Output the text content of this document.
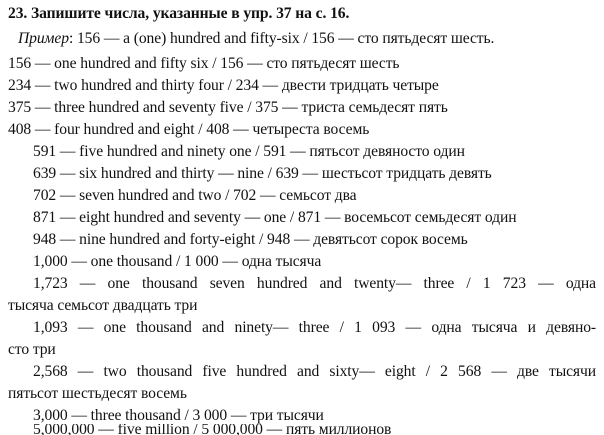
23. Запишите числа, указанные в упр. 37 на с. 16.
Пример: 156 — a (one) hundred and fifty-six / 156 — сто пятьдесят шесть.
156 — one hundred and fifty six / 156 — сто пятьдесят шесть
234 — two hundred and thirty four / 234 — двести тридцать четыре
375 — three hundred and seventy five / 375 — триста семьдесят пять
408 — four hundred and eight / 408 — четыреста восемь
591 — five hundred and ninety one / 591 — пятьсот девяносто один
639 — six hundred and thirty — nine / 639 — шестьсот тридцать девять
702 — seven hundred and two / 702 — семьсот два
871 — eight hundred and seventy — one / 871 — восемьсот семьдесят один
948 — nine hundred and forty-eight / 948 — девятьсот сорок восемь
1,000 — one thousand / 1 000 — одна тысяча
1,723 — one thousand seven hundred and twenty— three / 1 723 — одна
тысяча семьсот двадцать три
1,093 — one thousand and ninety— three / 1 093 — одна тысяча и девяно-
сто три
2,568 — two thousand five hundred and sixty— eight / 2 568 — две тысячи
пятьсот шестьдесят восемь
3,000 — three thousand / 3 000 — три тысячи
5,000,000 — five million / 5 000,000 — пять миллионов
